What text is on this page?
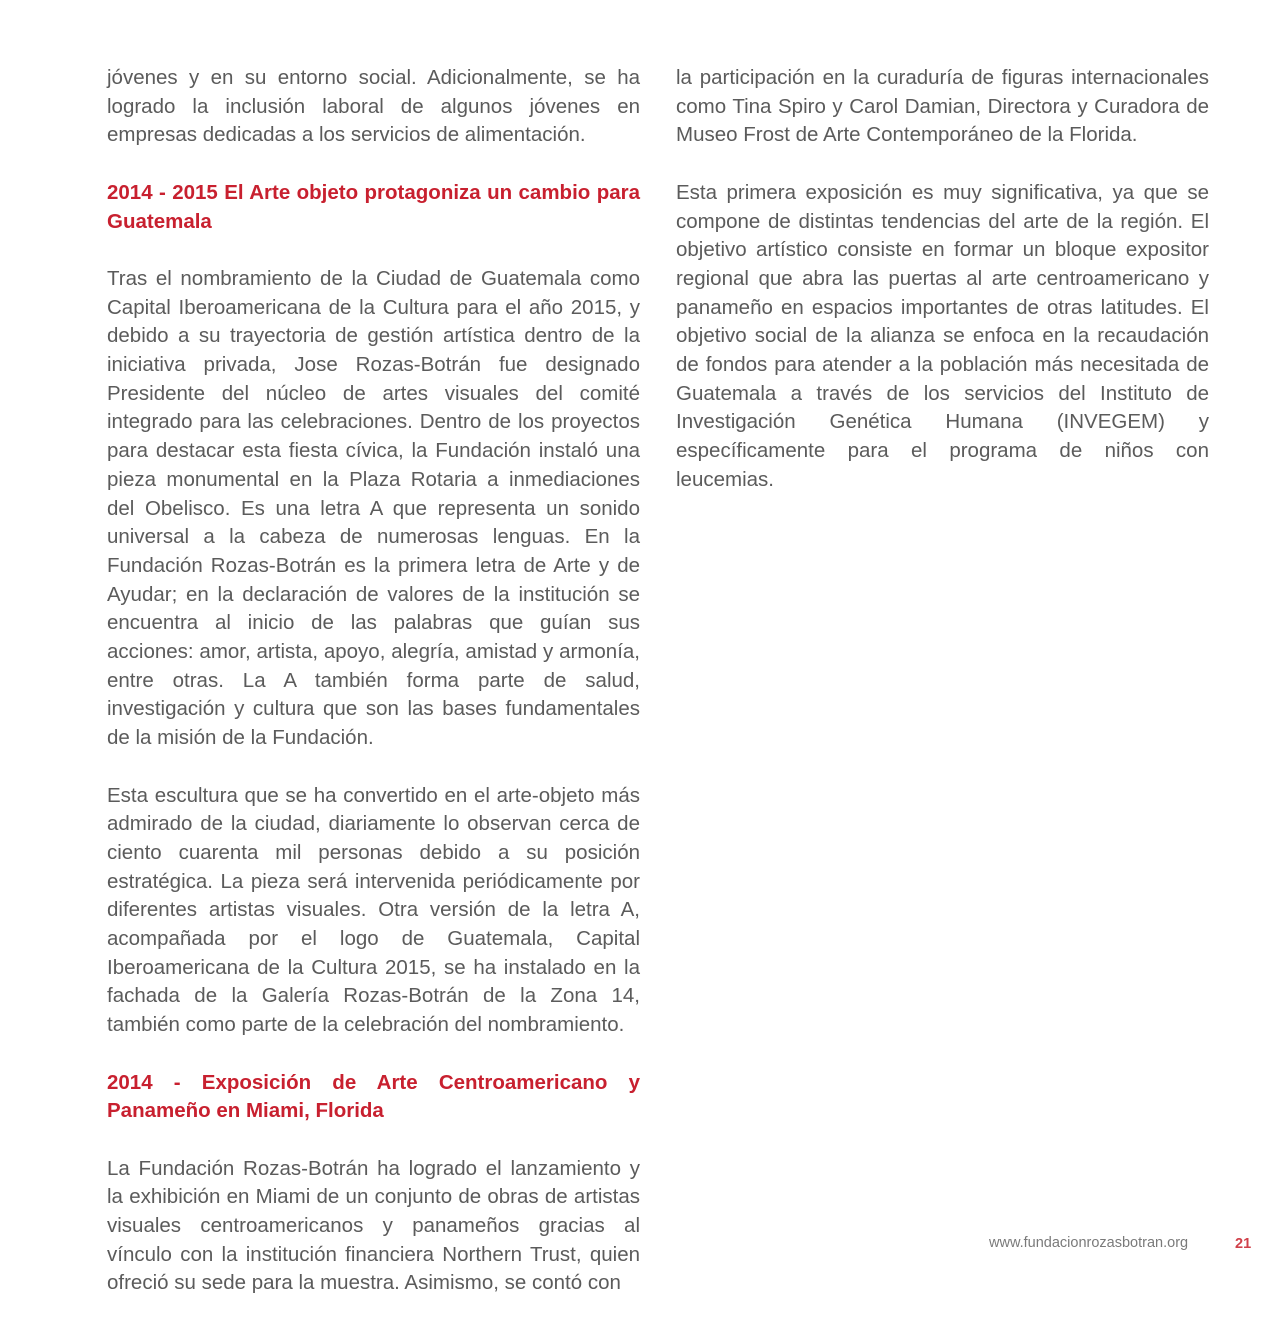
jóvenes y en su entorno social. Adicionalmente, se ha logrado la inclusión laboral de algunos jóvenes en empresas dedicadas a los servicios de alimentación.

2014 - 2015 El Arte objeto protagoniza un cambio para Guatemala

Tras el nombramiento de la Ciudad de Guatemala como Capital Iberoamericana de la Cultura para el año 2015, y debido a su trayectoria de gestión artística dentro de la iniciativa privada, Jose Rozas-Botrán fue designado Presidente del núcleo de artes visuales del comité integrado para las celebraciones. Dentro de los proyectos para destacar esta fiesta cívica, la Fundación instaló una pieza monumental en la Plaza Rotaria a inmediaciones del Obelisco. Es una letra A que representa un sonido universal a la cabeza de numerosas lenguas. En la Fundación Rozas-Botrán es la primera letra de Arte y de Ayudar; en la declaración de valores de la institución se encuentra al inicio de las palabras que guían sus acciones: amor, artista, apoyo, alegría, amistad y armonía, entre otras. La A también forma parte de salud, investigación y cultura que son las bases fundamentales de la misión de la Fundación.

Esta escultura que se ha convertido en el arte-objeto más admirado de la ciudad, diariamente lo observan cerca de ciento cuarenta mil personas debido a su posición estratégica. La pieza será intervenida periódicamente por diferentes artistas visuales. Otra versión de la letra A, acompañada por el logo de Guatemala, Capital Iberoamericana de la Cultura 2015, se ha instalado en la fachada de la Galería Rozas-Botrán de la Zona 14, también como parte de la celebración del nombramiento.

2014 - Exposición de Arte Centroamericano y Panameño en Miami, Florida

La Fundación Rozas-Botrán ha logrado el lanzamiento y la exhibición en Miami de un conjunto de obras de artistas visuales centroamericanos y panameños gracias al vínculo con la institución financiera Northern Trust, quien ofreció su sede para la muestra. Asimismo, se contó con

la participación en la curaduría de figuras internacionales como Tina Spiro y Carol Damian, Directora y Curadora de Museo Frost de Arte Contemporáneo de la Florida.

Esta primera exposición es muy significativa, ya que se compone de distintas tendencias del arte de la región. El objetivo artístico consiste en formar un bloque expositor regional que abra las puertas al arte centroamericano y panameño en espacios importantes de otras latitudes. El objetivo social de la alianza se enfoca en la recaudación de fondos para atender a la población más necesitada de Guatemala a través de los servicios del Instituto de Investigación Genética Humana (INVEGEM) y específicamente para el programa de niños con leucemias.

www.fundacionrozasbotran.org	21
